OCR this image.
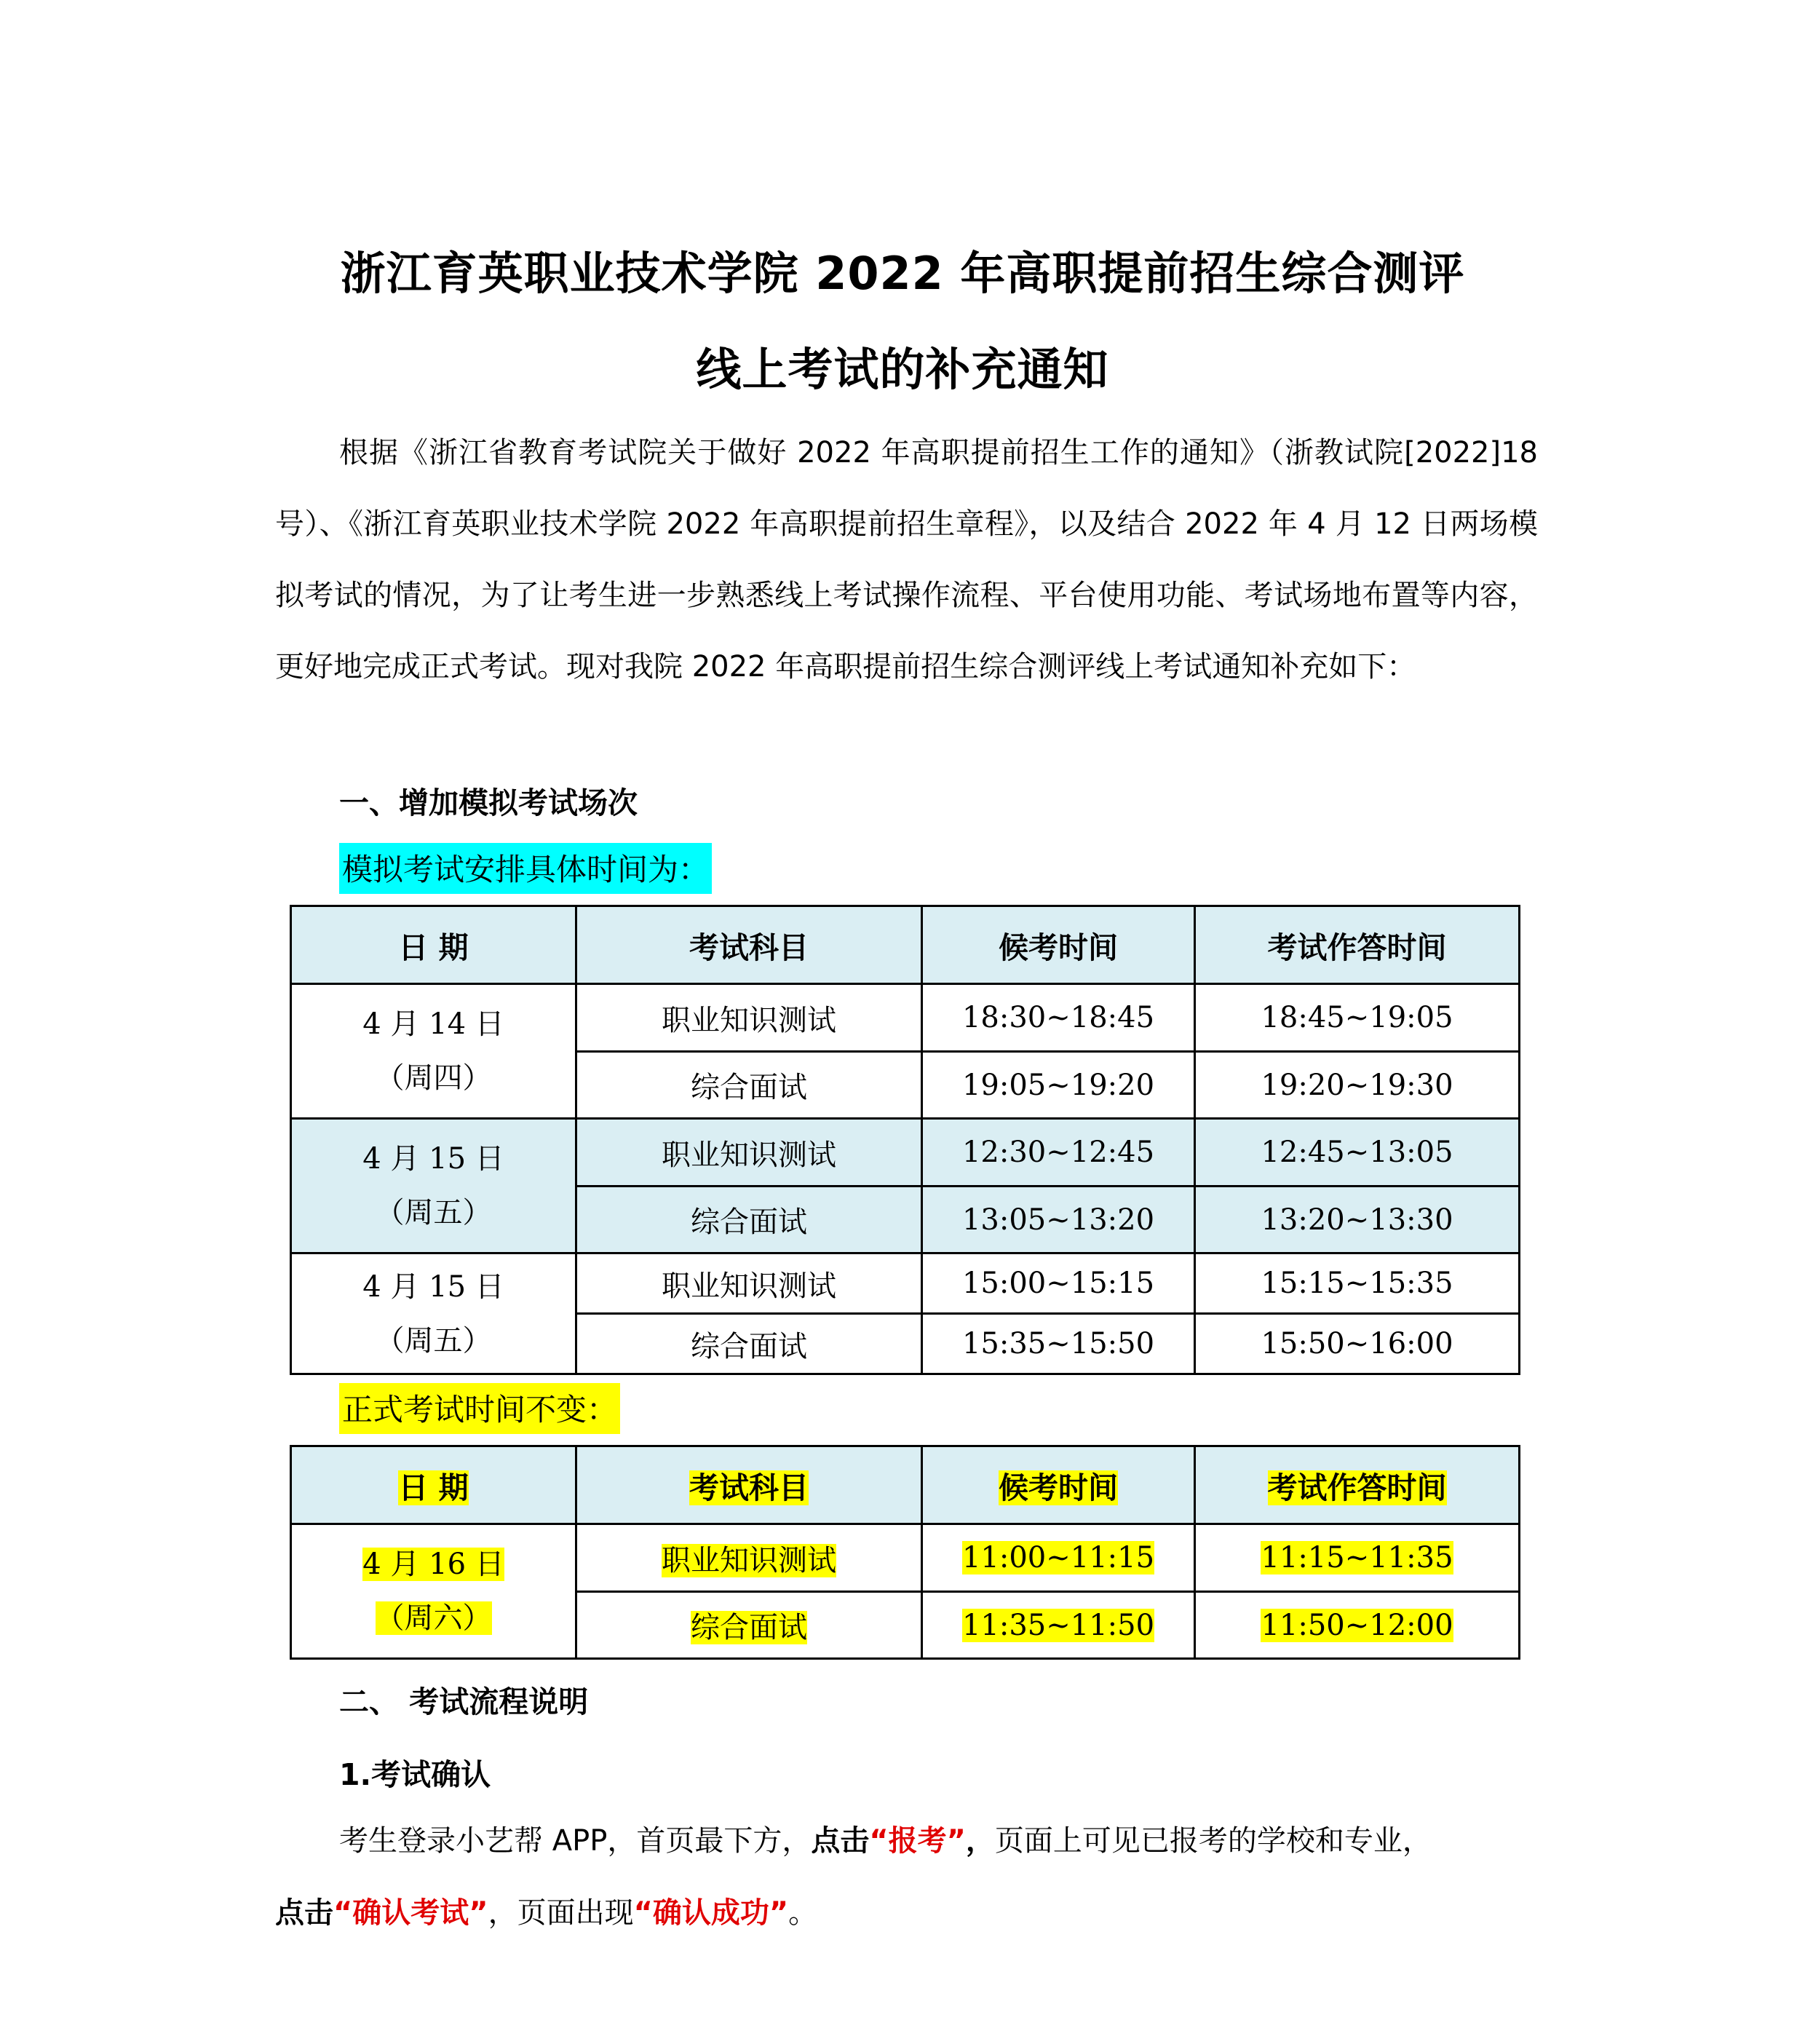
浙江育英职业技术学院 2022 年高职提前招生综合测评
线上考试的补充通知

根据《浙江省教育考试院关于做好 2022 年高职提前招生工作的通知》（浙教试院[2022]18 号）、《浙江育英职业技术学院 2022 年高职提前招生章程》，以及结合 2022 年 4 月 12 日两场模拟考试的情况，为了让考生进一步熟悉线上考试操作流程、平台使用功能、考试场地布置等内容，更好地完成正式考试。现对我院 2022 年高职提前招生综合测评线上考试通知补充如下：

一、增加模拟考试场次
模拟考试安排具体时间为：
日 期	考试科目	候考时间	考试作答时间

4 月 14 日
（周四）	职业知识测试	18:30~18:45	18:45~19:05
	综合面试	19:05~19:20	19:20~19:30

4 月 15 日
（周五）	职业知识测试	12:30~12:45	12:45~13:05
	综合面试	13:05~13:20	13:20~13:30

4 月 15 日
（周五）	职业知识测试	15:00~15:15	15:15~15:35
	综合面试	15:35~15:50	15:50~16:00
正式考试时间不变：
日 期	考试科目	候考时间	考试作答时间

4 月 16 日
（周六）	职业知识测试	11:00~11:15	11:15~11:35
	综合面试	11:35~11:50	11:50~12:00
二、 考试流程说明
1.考试确认
考生登录小艺帮 APP，首页最下方，点击“报考”，页面上可见已报考的学校和专业，
点击“确认考试”，页面出现“确认成功”。
